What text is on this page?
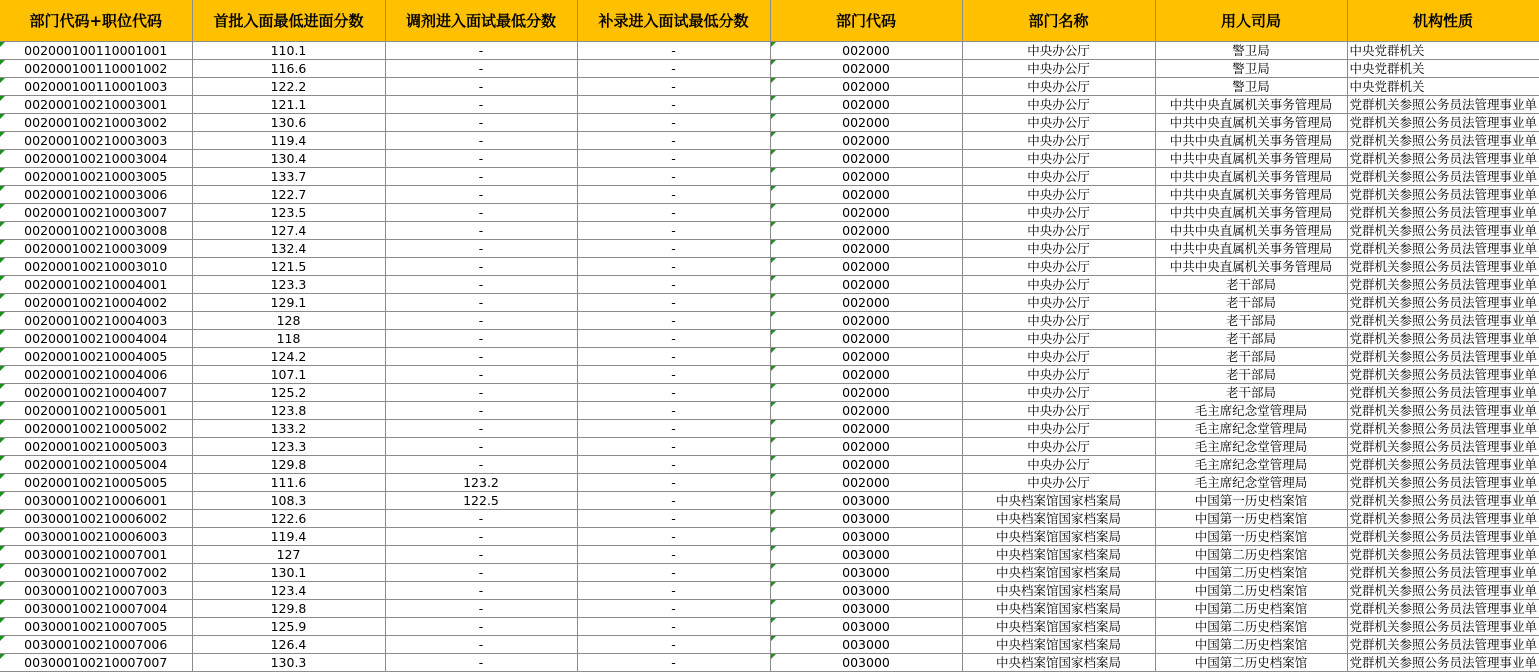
部门代码+职位代码	首批入面最低进面分数	调剂进入面试最低分数	补录进入面试最低分数	部门代码	部门名称	用人司局	机构性质
002000100110001001	110.1	-	-	002000	中央办公厅	警卫局	中央党群机关
002000100110001002	116.6	-	-	002000	中央办公厅	警卫局	中央党群机关
002000100110001003	122.2	-	-	002000	中央办公厅	警卫局	中央党群机关
002000100210003001	121.1	-	-	002000	中央办公厅	中共中央直属机关事务管理局	党群机关参照公务员法管理事业单
002000100210003002	130.6	-	-	002000	中央办公厅	中共中央直属机关事务管理局	党群机关参照公务员法管理事业单
002000100210003003	119.4	-	-	002000	中央办公厅	中共中央直属机关事务管理局	党群机关参照公务员法管理事业单
002000100210003004	130.4	-	-	002000	中央办公厅	中共中央直属机关事务管理局	党群机关参照公务员法管理事业单
002000100210003005	133.7	-	-	002000	中央办公厅	中共中央直属机关事务管理局	党群机关参照公务员法管理事业单
002000100210003006	122.7	-	-	002000	中央办公厅	中共中央直属机关事务管理局	党群机关参照公务员法管理事业单
002000100210003007	123.5	-	-	002000	中央办公厅	中共中央直属机关事务管理局	党群机关参照公务员法管理事业单
002000100210003008	127.4	-	-	002000	中央办公厅	中共中央直属机关事务管理局	党群机关参照公务员法管理事业单
002000100210003009	132.4	-	-	002000	中央办公厅	中共中央直属机关事务管理局	党群机关参照公务员法管理事业单
002000100210003010	121.5	-	-	002000	中央办公厅	中共中央直属机关事务管理局	党群机关参照公务员法管理事业单
002000100210004001	123.3	-	-	002000	中央办公厅	老干部局	党群机关参照公务员法管理事业单
002000100210004002	129.1	-	-	002000	中央办公厅	老干部局	党群机关参照公务员法管理事业单
002000100210004003	128	-	-	002000	中央办公厅	老干部局	党群机关参照公务员法管理事业单
002000100210004004	118	-	-	002000	中央办公厅	老干部局	党群机关参照公务员法管理事业单
002000100210004005	124.2	-	-	002000	中央办公厅	老干部局	党群机关参照公务员法管理事业单
002000100210004006	107.1	-	-	002000	中央办公厅	老干部局	党群机关参照公务员法管理事业单
002000100210004007	125.2	-	-	002000	中央办公厅	老干部局	党群机关参照公务员法管理事业单
002000100210005001	123.8	-	-	002000	中央办公厅	毛主席纪念堂管理局	党群机关参照公务员法管理事业单
002000100210005002	133.2	-	-	002000	中央办公厅	毛主席纪念堂管理局	党群机关参照公务员法管理事业单
002000100210005003	123.3	-	-	002000	中央办公厅	毛主席纪念堂管理局	党群机关参照公务员法管理事业单
002000100210005004	129.8	-	-	002000	中央办公厅	毛主席纪念堂管理局	党群机关参照公务员法管理事业单
002000100210005005	111.6	123.2	-	002000	中央办公厅	毛主席纪念堂管理局	党群机关参照公务员法管理事业单
003000100210006001	108.3	122.5	-	003000	中央档案馆国家档案局	中国第一历史档案馆	党群机关参照公务员法管理事业单
003000100210006002	122.6	-	-	003000	中央档案馆国家档案局	中国第一历史档案馆	党群机关参照公务员法管理事业单
003000100210006003	119.4	-	-	003000	中央档案馆国家档案局	中国第一历史档案馆	党群机关参照公务员法管理事业单
003000100210007001	127	-	-	003000	中央档案馆国家档案局	中国第二历史档案馆	党群机关参照公务员法管理事业单
003000100210007002	130.1	-	-	003000	中央档案馆国家档案局	中国第二历史档案馆	党群机关参照公务员法管理事业单
003000100210007003	123.4	-	-	003000	中央档案馆国家档案局	中国第二历史档案馆	党群机关参照公务员法管理事业单
003000100210007004	129.8	-	-	003000	中央档案馆国家档案局	中国第二历史档案馆	党群机关参照公务员法管理事业单
003000100210007005	125.9	-	-	003000	中央档案馆国家档案局	中国第二历史档案馆	党群机关参照公务员法管理事业单
003000100210007006	126.4	-	-	003000	中央档案馆国家档案局	中国第二历史档案馆	党群机关参照公务员法管理事业单
003000100210007007	130.3	-	-	003000	中央档案馆国家档案局	中国第二历史档案馆	党群机关参照公务员法管理事业单
